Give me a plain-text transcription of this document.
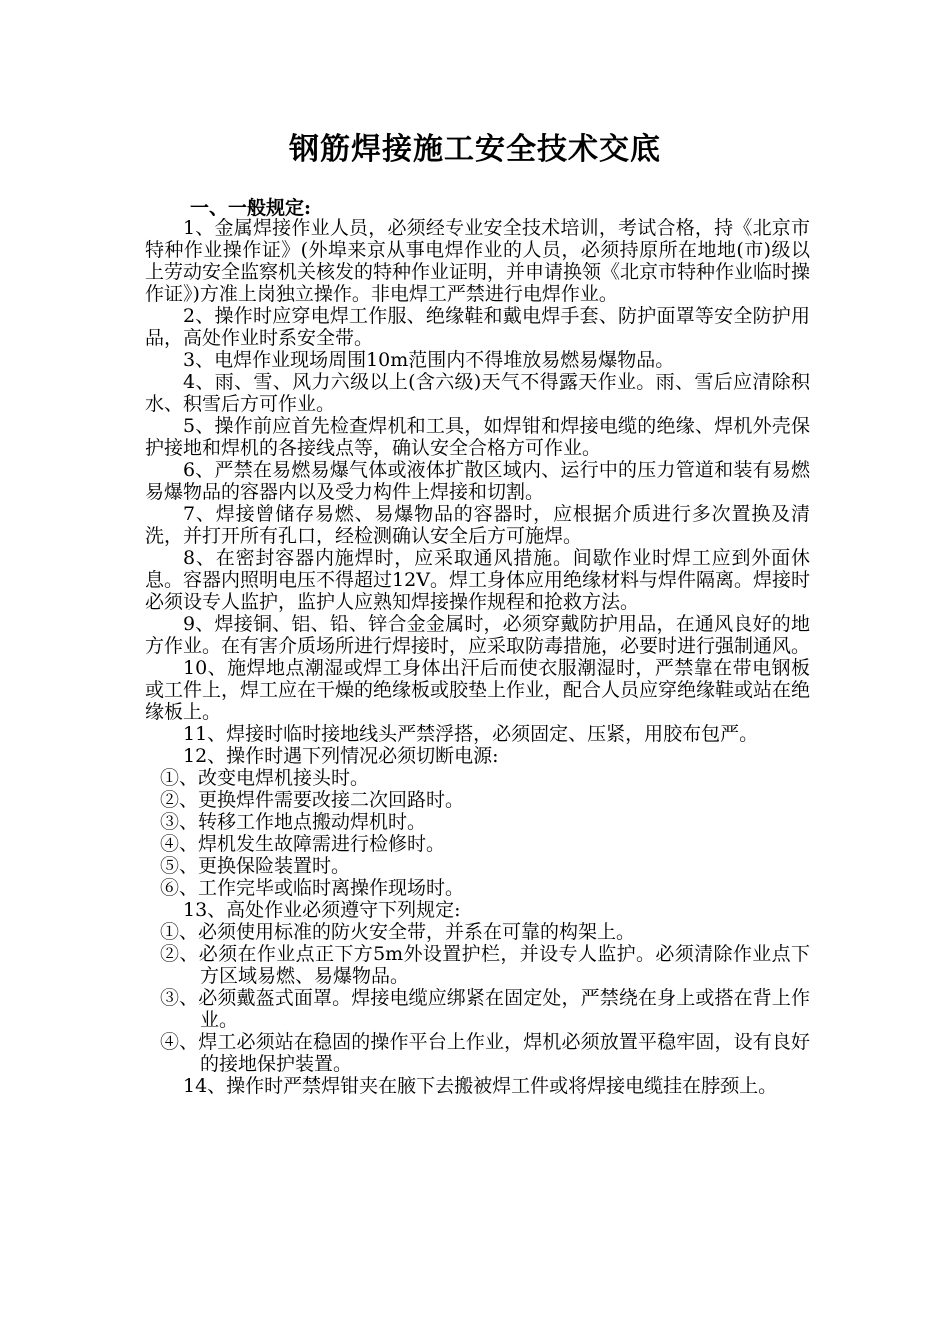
钢筋焊接施工安全技术交底
一、一般规定:

1、金属焊接作业人员，必须经专业安全技术培训，考试合格，持《北京市特种作业操作证》(外埠来京从事电焊作业的人员，必须持原所在地地(市)级以上劳动安全监察机关核发的特种作业证明，并申请换领《北京市特种作业临时操作证》)方准上岗独立操作。非电焊工严禁进行电焊作业。

2、操作时应穿电焊工作服、绝缘鞋和戴电焊手套、防护面罩等安全防护用品，高处作业时系安全带。

3、电焊作业现场周围10m范围内不得堆放易燃易爆物品。

4、雨、雪、风力六级以上(含六级)天气不得露天作业。雨、雪后应清除积水、积雪后方可作业。

5、操作前应首先检查焊机和工具，如焊钳和焊接电缆的绝缘、焊机外壳保护接地和焊机的各接线点等，确认安全合格方可作业。

6、严禁在易燃易爆气体或液体扩散区域内、运行中的压力管道和装有易燃易爆物品的容器内以及受力构件上焊接和切割。

7、焊接曾储存易燃、易爆物品的容器时，应根据介质进行多次置换及清洗，并打开所有孔口，经检测确认安全后方可施焊。

8、在密封容器内施焊时，应采取通风措施。间歇作业时焊工应到外面休息。容器内照明电压不得超过12V。焊工身体应用绝缘材料与焊件隔离。焊接时必须设专人监护，监护人应熟知焊接操作规程和抢救方法。

9、焊接铜、铝、铅、锌合金金属时，必须穿戴防护用品，在通风良好的地方作业。在有害介质场所进行焊接时，应采取防毒措施，必要时进行强制通风。

10、施焊地点潮湿或焊工身体出汗后而使衣服潮湿时，严禁靠在带电钢板或工件上，焊工应在干燥的绝缘板或胶垫上作业，配合人员应穿绝缘鞋或站在绝缘板上。

11、焊接时临时接地线头严禁浮搭，必须固定、压紧，用胶布包严。

12、操作时遇下列情况必须切断电源:

①、改变电焊机接头时。

②、更换焊件需要改接二次回路时。

③、转移工作地点搬动焊机时。

④、焊机发生故障需进行检修时。

⑤、更换保险装置时。

⑥、工作完毕或临时离操作现场时。

13、高处作业必须遵守下列规定:

①、必须使用标准的防火安全带，并系在可靠的构架上。

②、必须在作业点正下方5m外设置护栏，并设专人监护。必须清除作业点下方区域易燃、易爆物品。

③、必须戴盔式面罩。焊接电缆应绑紧在固定处，严禁绕在身上或搭在背上作业。

④、焊工必须站在稳固的操作平台上作业，焊机必须放置平稳牢固，设有良好的接地保护装置。

14、操作时严禁焊钳夹在腋下去搬被焊工件或将焊接电缆挂在脖颈上。
